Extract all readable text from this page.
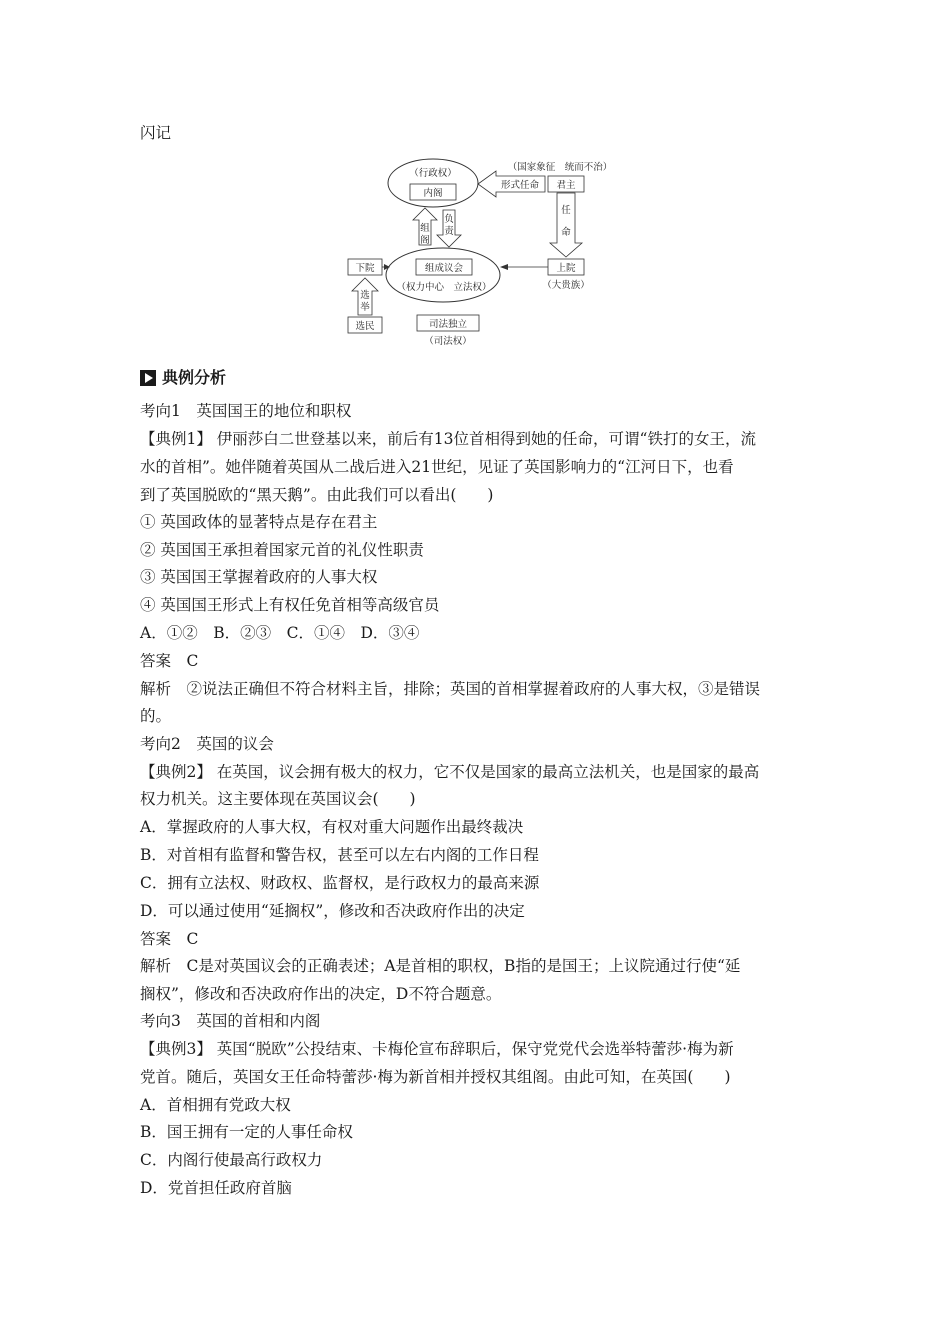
闪记
（行政权）
内阁
（国家象征　统而不治）
形式任命 君主
任
命
组
阁
负
责
组成议会
（权力中心　立法权）
下院	上院
（大贵族）
选
举
选民	司法独立
（司法权）
典例分析
考向1　英国国王的地位和职权
【典例1】 伊丽莎白二世登基以来，前后有13位首相得到她的任命，可谓“铁打的女王，流
水的首相”。她伴随着英国从二战后进入21世纪，见证了英国影响力的“江河日下，也看
到了英国脱欧的“黑天鹅”。由此我们可以看出(　　)
① 英国政体的显著特点是存在君主
② 英国国王承担着国家元首的礼仪性职责
③ 英国国王掌握着政府的人事大权
④ 英国国王形式上有权任免首相等高级官员
A．①②　B．②③　C．①④　D．③④
答案　C
解析　②说法正确但不符合材料主旨，排除；英国的首相掌握着政府的人事大权，③是错误
的。
考向2　英国的议会
【典例2】 在英国，议会拥有极大的权力，它不仅是国家的最高立法机关，也是国家的最高
权力机关。这主要体现在英国议会(　　)
A．掌握政府的人事大权，有权对重大问题作出最终裁决
B．对首相有监督和警告权，甚至可以左右内阁的工作日程
C．拥有立法权、财政权、监督权，是行政权力的最高来源
D．可以通过使用“延搁权”，修改和否决政府作出的决定
答案　C
解析　C是对英国议会的正确表述；A是首相的职权，B指的是国王；上议院通过行使“延
搁权”，修改和否决政府作出的决定，D不符合题意。
考向3　英国的首相和内阁
【典例3】 英国“脱欧”公投结束、卡梅伦宣布辞职后，保守党党代会选举特蕾莎·梅为新
党首。随后，英国女王任命特蕾莎·梅为新首相并授权其组阁。由此可知，在英国(　　)
A．首相拥有党政大权
B．国王拥有一定的人事任命权
C．内阁行使最高行政权力
D．党首担任政府首脑
